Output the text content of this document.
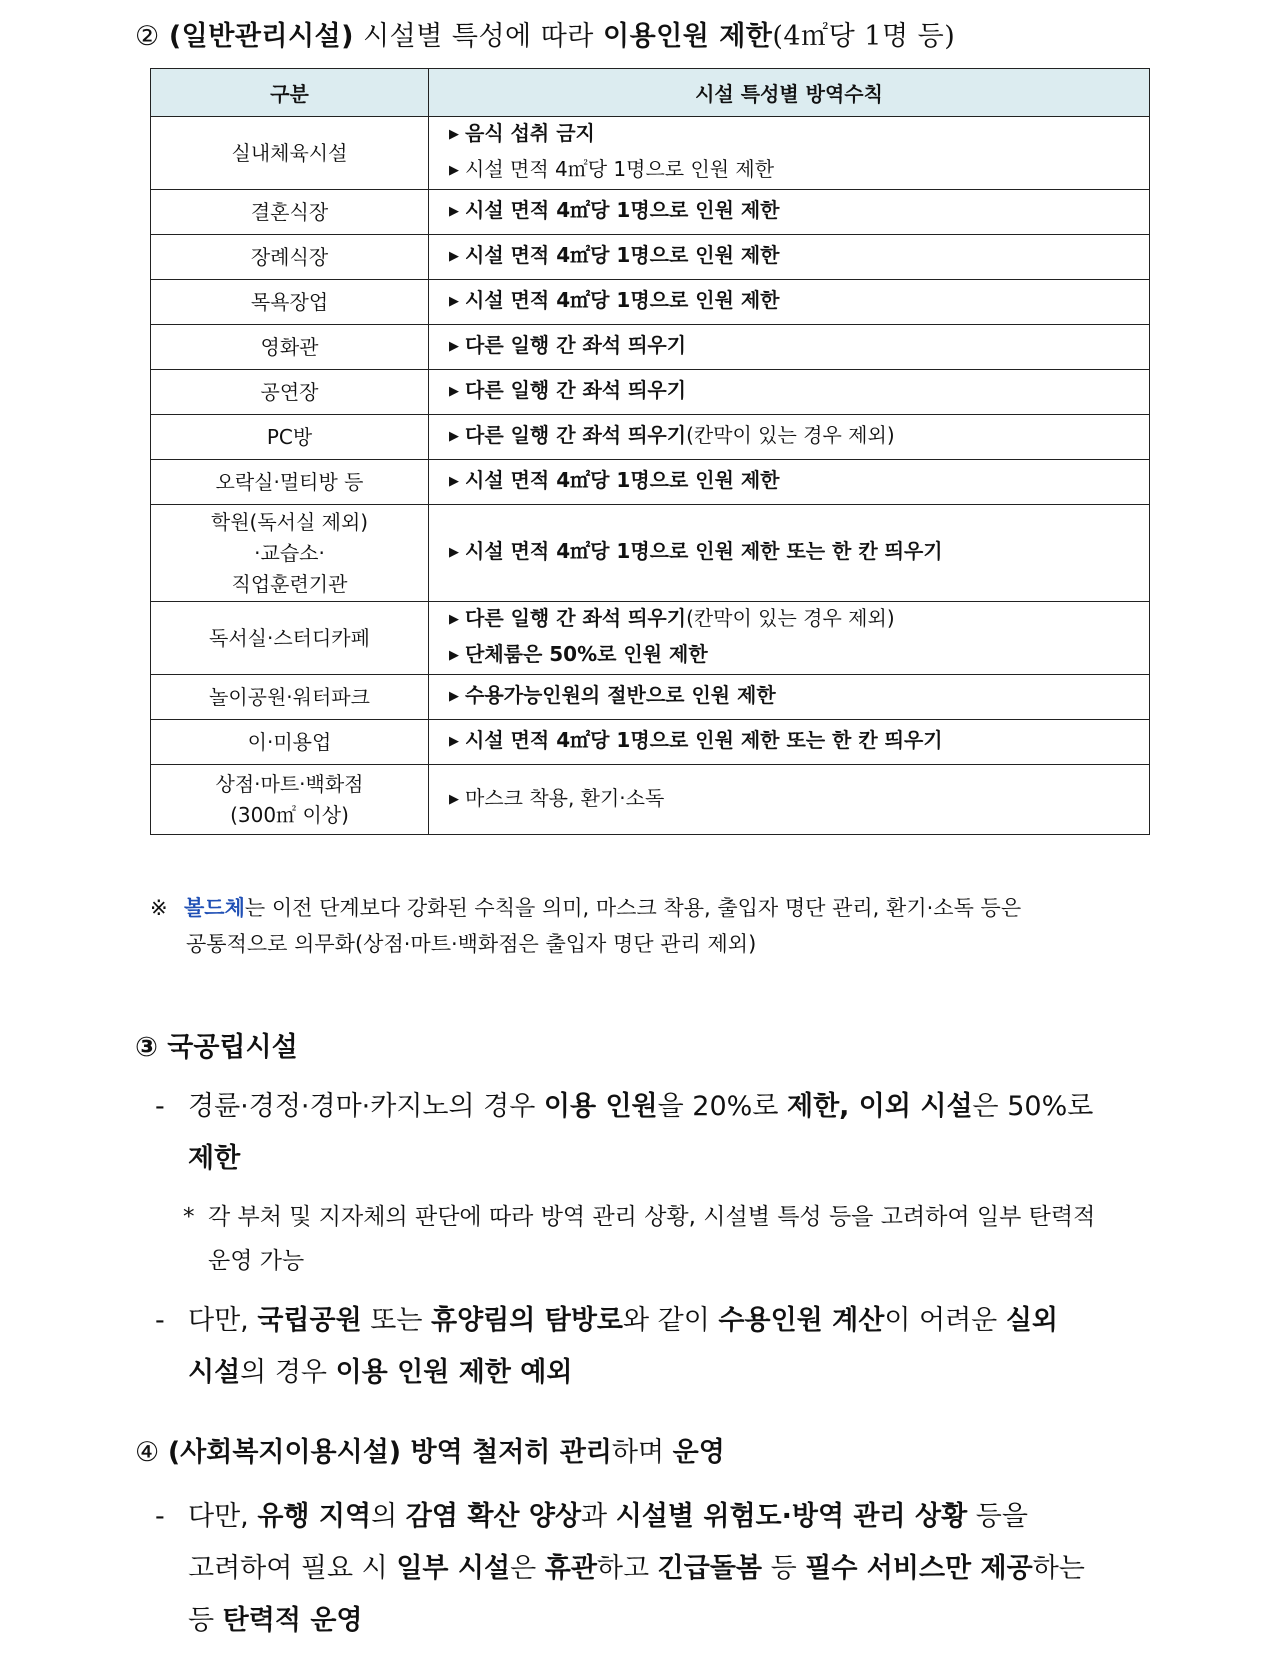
② (일반관리시설) 시설별 특성에 따라 이용인원 제한(4㎡당 1명 등)
구분	시설 특성별 방역수칙
실내체육시설	▶ 음식 섭취 금지
▶ 시설 면적 4㎡당 1명으로 인원 제한

결혼식장	▶ 시설 면적 4㎡당 1명으로 인원 제한

장례식장	▶ 시설 면적 4㎡당 1명으로 인원 제한

목욕장업	▶ 시설 면적 4㎡당 1명으로 인원 제한

영화관	▶ 다른 일행 간 좌석 띄우기

공연장	▶ 다른 일행 간 좌석 띄우기

PC방	▶ 다른 일행 간 좌석 띄우기(칸막이 있는 경우 제외)

오락실·멀티방 등	▶ 시설 면적 4㎡당 1명으로 인원 제한

학원(독서실 제외)
·교습소·
직업훈련기관	▶ 시설 면적 4㎡당 1명으로 인원 제한 또는 한 칸 띄우기

독서실·스터디카페	▶ 다른 일행 간 좌석 띄우기(칸막이 있는 경우 제외)
▶ 단체룸은 50%로 인원 제한

놀이공원·워터파크	▶ 수용가능인원의 절반으로 인원 제한

이·미용업	▶ 시설 면적 4㎡당 1명으로 인원 제한 또는 한 칸 띄우기

상점·마트·백화점
(300㎡ 이상)	▶ 마스크 착용, 환기·소독
※ 볼드체는 이전 단계보다 강화된 수칙을 의미, 마스크 착용, 출입자 명단 관리, 환기·소독 등은
공통적으로 의무화(상점·마트·백화점은 출입자 명단 관리 제외)
③ 국공립시설
- 경륜·경정·경마·카지노의 경우 이용 인원을 20%로 제한, 이외 시설은 50%로
제한
* 각 부처 및 지자체의 판단에 따라 방역 관리 상황, 시설별 특성 등을 고려하여 일부 탄력적
운영 가능
- 다만, 국립공원 또는 휴양림의 탐방로와 같이 수용인원 계산이 어려운 실외
시설의 경우 이용 인원 제한 예외
④ (사회복지이용시설) 방역 철저히 관리하며 운영
- 다만, 유행 지역의 감염 확산 양상과 시설별 위험도·방역 관리 상황 등을
고려하여 필요 시 일부 시설은 휴관하고 긴급돌봄 등 필수 서비스만 제공하는
등 탄력적 운영
